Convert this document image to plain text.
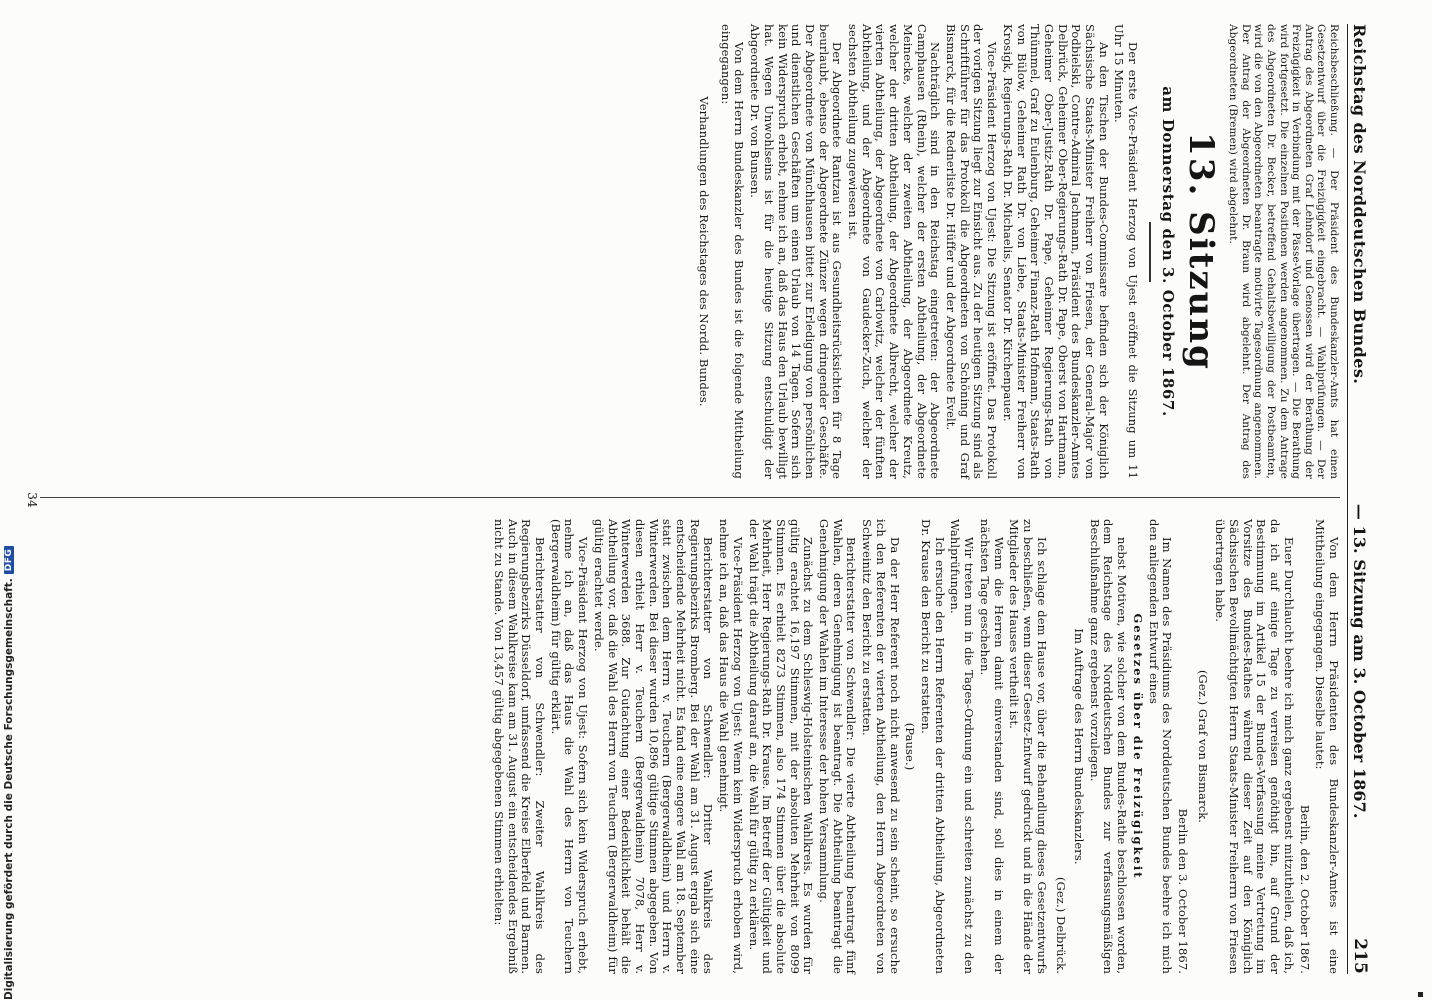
Reichstag des Norddeutschen Bundes.
— 13. Sitzung am 3. October 1867.
215

Reichsbeschließung. — Der Präsident des Bundeskanzler-Amts hat einen Gesetzentwurf über die Freizügigkeit eingebracht. — Wahlprüfungen. — Der Antrag des Abgeordneten Graf Lehndorf und Genossen wird der Berathung der Freizügigkeit in Verbindung mit der Pässe-Vorlage übertragen. — Die Berathung wird fortgesetzt. Die einzelnen Positionen werden angenommen. Zu dem Antrage des Abgeordneten Dr. Becker, betreffend Gehaltsbewilligung der Postbeamten, wird die von den Abgeordneten beantragte motivirte Tagesordnung angenommen. Der Antrag der Abgeordneten Dr. Braun wird abgelehnt. Der Antrag des Abgeordneten (Bremen) wird abgelehnt.

13. Sitzung
am Donnerstag den 3. October 1867.

Der erste Vice-Präsident Herzog von Ujest eröffnet die Sitzung um 11 Uhr 15 Minuten.

An den Tischen der Bundes-Commissare befinden sich der Königlich Sächsische Staats-Minister Freiherr von Friesen, der General-Major von Podbielski, Contre-Admiral Jachmann, Präsident des Bundeskanzler-Amtes Delbrück, Geheimer Ober-Regierungs-Rath Dr. Pape, Oberst von Hartmann, Geheimer Ober-Justiz-Rath Dr. Pape, Geheimer Regierungs-Rath von Thümmel, Graf zu Eulenburg, Geheimer Finanz-Rath Hofmann, Staats-Rath von Bülow, Geheimer Rath Dr. von Liebe, Staats-Minister Freiherr von Krosigk, Regierungs-Rath Dr. Michaelis, Senator Dr. Kirchenpauer.

Vice-Präsident Herzog von Ujest: Die Sitzung ist eröffnet. Das Protokoll der vorigen Sitzung liegt zur Einsicht aus. Zu der heutigen Sitzung sind als Schriftführer für das Protokoll die Abgeordneten von Schöning und Graf Bismarck, für die Rednerliste Dr. Hüffer und der Abgeordnete Evelt.

Nachträglich sind in den Reichstag eingetreten: der Abgeordnete Camphausen (Rhein), welcher der ersten Abtheilung, der Abgeordnete Meinecke, welcher der zweiten Abtheilung, der Abgeordnete Kreutz, welcher der dritten Abtheilung, der Abgeordnete Albrecht, welcher der vierten Abtheilung, der Abgeordnete von Carlowitz, welcher der fünften Abtheilung, und der Abgeordnete von Gaudecker-Zuch, welcher der sechsten Abtheilung zugewiesen ist.

Der Abgeordnete Rantzau ist aus Gesundheitsrücksichten für 8 Tage beurlaubt, ebenso der Abgeordnete Zünzer wegen dringender Geschäfte. Der Abgeordnete von Münchhausen bittet zur Erledigung von persönlichen und dienstlichen Geschäften um einen Urlaub von 14 Tagen. Sofern sich kein Widerspruch erhebt, nehme ich an, daß das Haus den Urlaub bewilligt hat. Wegen Unwohlseins ist für die heutige Sitzung entschuldigt der Abgeordnete Dr. von Bunsen.

Von dem Herrn Bundeskanzler des Bundes ist die folgende Mittheilung eingegangen:

Verhandlungen des Reichstages des Nordd. Bundes.

Von dem Herrn Präsidenten des Bundeskanzler-Amtes ist eine Mittheilung eingegangen. Dieselbe lautet:

Berlin, den 2. October 1867.

Euer Durchlaucht beehre ich mich ganz ergebenst mitzutheilen, daß ich, da ich auf einige Tage zu verreisen genöthigt bin, auf Grund der Bestimmung im Artikel 15 der Bundes-Verfassung meine Vertretung im Vorsitze des Bundes-Rathes während dieser Zeit auf den Königlich Sächsischen Bevollmächtigten Herrn Staats-Minister Freiherrn von Friesen übertragen habe.

(Gez.) Graf von Bismarck.

Berlin den 3. October 1867.

Im Namen des Präsidiums des Norddeutschen Bundes beehre ich mich den anliegenden Entwurf eines

Gesetzes über die Freizügigkeit

nebst Motiven, wie solcher von dem Bundes-Rathe beschlossen worden, dem Reichstage des Norddeutschen Bundes zur verfassungsmäßigen Beschlußnahme ganz ergebenst vorzulegen.

Im Auftrage des Herrn Bundeskanzlers.

(Gez.) Delbrück.

Ich schlage dem Hause vor, über die Behandlung dieses Gesetzentwurfs zu beschließen, wenn dieser Gesetz-Entwurf gedruckt und in die Hände der Mitglieder des Hauses vertheilt ist.

Wenn die Herren damit einverstanden sind, soll dies in einem der nächsten Tage geschehen.

Wir treten nun in die Tages-Ordnung ein und schreiten zunächst zu den Wahlprüfungen.

Ich ersuche den Herrn Referenten der dritten Abtheilung, Abgeordneten Dr. Krause den Bericht zu erstatten.

(Pause.)

Da der Herr Referent noch nicht anwesend zu sein scheint, so ersuche ich den Referenten der vierten Abtheilung, den Herrn Abgeordneten von Schweinitz den Bericht zu erstatten.

Berichterstatter von Schwendler: Die vierte Abtheilung beantragt fünf Wahlen, deren Genehmigung ist beantragt. Die Abtheilung beantragt die Genehmigung der Wahlen im Interesse der hohen Versammlung.

Zunächst zu dem Schleswig-Holsteinischen Wahlkreis. Es wurden für gültig erachtet 16,197 Stimmen, mit der absoluten Mehrheit von 8099 Stimmen. Es erhielt 8273 Stimmen, also 174 Stimmen über die absolute Mehrheit, Herr Regierungs-Rath Dr. Krause. Im Betreff der Gültigkeit und der Wahl trägt die Abtheilung darauf an, die Wahl für gültig zu erklären.

Vice-Präsident Herzog von Ujest: Wenn kein Widerspruch erhoben wird, nehme ich an, daß das Haus die Wahl genehmigt.

Berichterstatter von Schwendler: Dritter Wahlkreis des Regierungsbezirks Bromberg. Bei der Wahl am 31. August ergab sich eine entscheidende Mehrheit nicht. Es fand eine engere Wahl am 18. September statt zwischen dem Herrn v. Teuchern (Bergerwaldheim) und Herrn v. Winterwerden. Bei dieser wurden 10,896 gültige Stimmen abgegeben. Von diesen erhielt Herr v. Teuchern (Bergerwaldheim) 7078, Herr v. Winterwerden 3688. Zur Gutachtung einer Bedenklichkeit behält die Abtheilung vor, daß die Wahl des Herrn von Teuchern (Bergerwaldheim) für gültig erachtet werde.

Vice-Präsident Herzog von Ujest: Sofern sich kein Widerspruch erhebt, nehme ich an, daß das Haus die Wahl des Herrn von Teuchern (Bergerwaldheim) für gültig erklärt.

Berichterstatter von Schwendler: Zweiter Wahlkreis des Regierungsbezirks Düsseldorf, umfassend die Kreise Elberfeld und Barmen. Auch in diesem Wahlkreise kam am 31. August ein entscheidendes Ergebniß nicht zu Stande. Von 13,457 gültig abgegebenen Stimmen erhielten:

34
Digitalisierung gefördert durch die Deutsche Forschungsgemeinschaft.
DFG
